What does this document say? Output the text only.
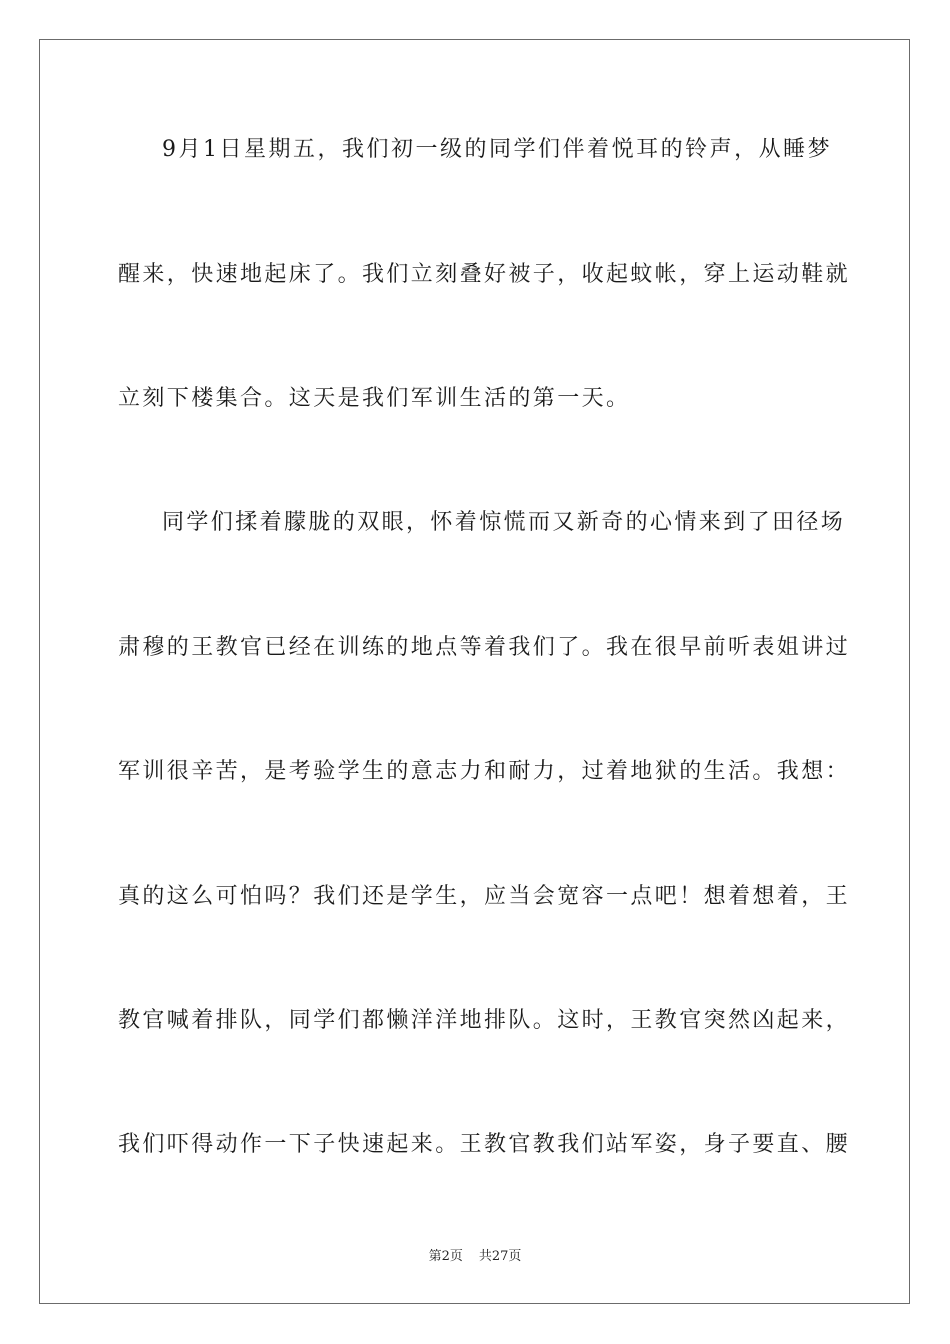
9月1日星期五，我们初一级的同学们伴着悦耳的铃声，从睡梦
醒来，快速地起床了。我们立刻叠好被子，收起蚊帐，穿上运动鞋就
立刻下楼集合。这天是我们军训生活的第一天。
同学们揉着朦胧的双眼，怀着惊慌而又新奇的心情来到了田径场
肃穆的王教官已经在训练的地点等着我们了。我在很早前听表姐讲过
军训很辛苦，是考验学生的意志力和耐力，过着地狱的生活。我想：
真的这么可怕吗？我们还是学生，应当会宽容一点吧！想着想着，王
教官喊着排队，同学们都懒洋洋地排队。这时，王教官突然凶起来，
我们吓得动作一下子快速起来。王教官教我们站军姿，身子要直、腰
第2页 共27页
